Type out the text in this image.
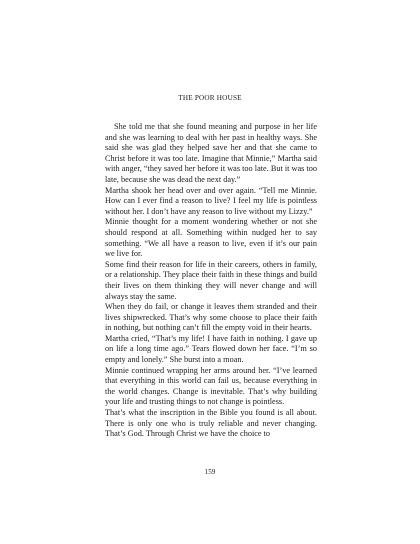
THE POOR HOUSE

She told me that she found meaning and purpose in her life and she was learning to deal with her past in healthy ways. She said she was glad they helped save her and that she came to Christ before it was too late. Imagine that Minnie,” Martha said with anger, “they saved her before it was too late. But it was too late, because she was dead the next day.”

Martha shook her head over and over again. “Tell me Minnie. How can I ever find a reason to live? I feel my life is pointless without her. I don’t have any reason to live without my Lizzy.”

Minnie thought for a moment wondering whether or not she should respond at all. Something within nudged her to say something. “We all have a reason to live, even if it’s our pain we live for.

Some find their reason for life in their careers, others in family, or a relationship. They place their faith in these things and build their lives on them thinking they will never change and will always stay the same.

When they do fail, or change it leaves them stranded and their lives shipwrecked. That’s why some choose to place their faith in nothing, but nothing can’t fill the empty void in their hearts.

Martha cried, “That’s my life! I have faith in nothing. I gave up on life a long time ago.” Tears flowed down her face. “I’m so empty and lonely.” She burst into a moan.

Minnie continued wrapping her arms around her. “I’ve learned that everything in this world can fail us, because everything in the world changes. Change is inevitable. That’s why building your life and trusting things to not change is pointless.

That’s what the inscription in the Bible you found is all about. There is only one who is truly reliable and never changing. That’s God. Through Christ we have the choice to

159
